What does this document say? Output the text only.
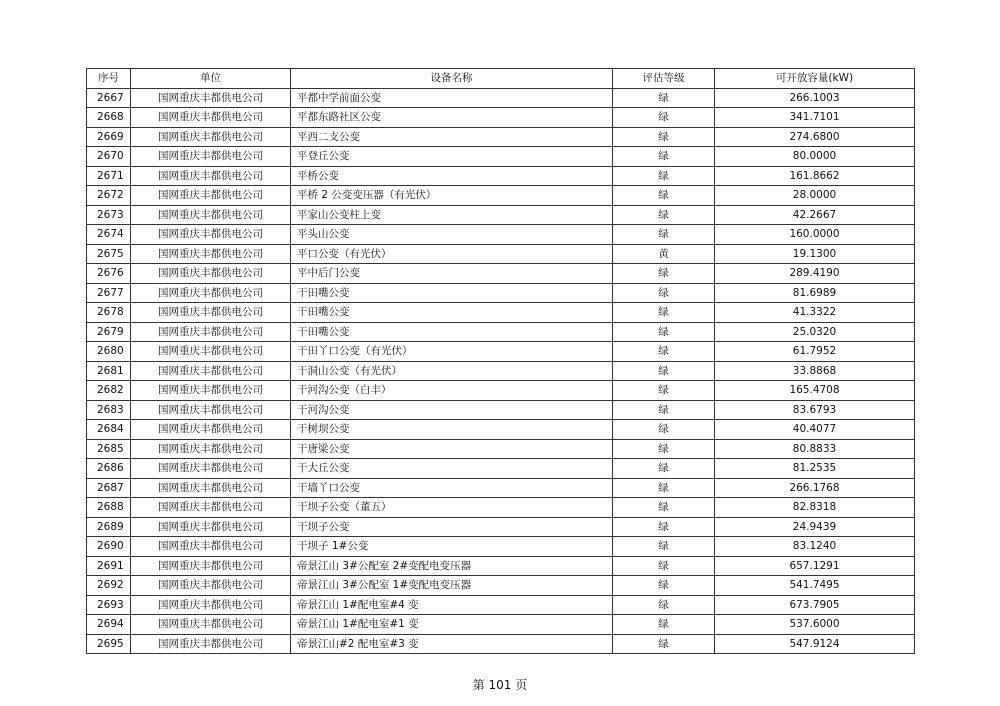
序号	单位	设备名称	评估等级	可开放容量(kW)
2667	国网重庆丰都供电公司	平都中学前面公变	绿	266.1003
2668	国网重庆丰都供电公司	平都东路社区公变	绿	341.7101
2669	国网重庆丰都供电公司	平西二支公变	绿	274.6800
2670	国网重庆丰都供电公司	平登丘公变	绿	80.0000
2671	国网重庆丰都供电公司	平桥公变	绿	161.8662
2672	国网重庆丰都供电公司	平桥 2 公变变压器（有光伏）	绿	28.0000
2673	国网重庆丰都供电公司	平家山公变柱上变	绿	42.2667
2674	国网重庆丰都供电公司	平头山公变	绿	160.0000
2675	国网重庆丰都供电公司	平口公变（有光伏）	黄	19.1300
2676	国网重庆丰都供电公司	平中后门公变	绿	289.4190
2677	国网重庆丰都供电公司	干田嘴公变	绿	81.6989
2678	国网重庆丰都供电公司	干田嘴公变	绿	41.3322
2679	国网重庆丰都供电公司	干田嘴公变	绿	25.0320
2680	国网重庆丰都供电公司	干田丫口公变（有光伏）	绿	61.7952
2681	国网重庆丰都供电公司	干洞山公变（有光伏）	绿	33.8868
2682	国网重庆丰都供电公司	干河沟公变（白丰）	绿	165.4708
2683	国网重庆丰都供电公司	干河沟公变	绿	83.6793
2684	国网重庆丰都供电公司	干树坝公变	绿	40.4077
2685	国网重庆丰都供电公司	干唐梁公变	绿	80.8833
2686	国网重庆丰都供电公司	干大丘公变	绿	81.2535
2687	国网重庆丰都供电公司	干墙丫口公变	绿	266.1768
2688	国网重庆丰都供电公司	干坝子公变（董五）	绿	82.8318
2689	国网重庆丰都供电公司	干坝子公变	绿	24.9439
2690	国网重庆丰都供电公司	干坝子 1#公变	绿	83.1240
2691	国网重庆丰都供电公司	帝景江山 3#公配室 2#变配电变压器	绿	657.1291
2692	国网重庆丰都供电公司	帝景江山 3#公配室 1#变配电变压器	绿	541.7495
2693	国网重庆丰都供电公司	帝景江山 1#配电室#4 变	绿	673.7905
2694	国网重庆丰都供电公司	帝景江山 1#配电室#1 变	绿	537.6000
2695	国网重庆丰都供电公司	帝景江山#2 配电室#3 变	绿	547.9124
第 101 页
